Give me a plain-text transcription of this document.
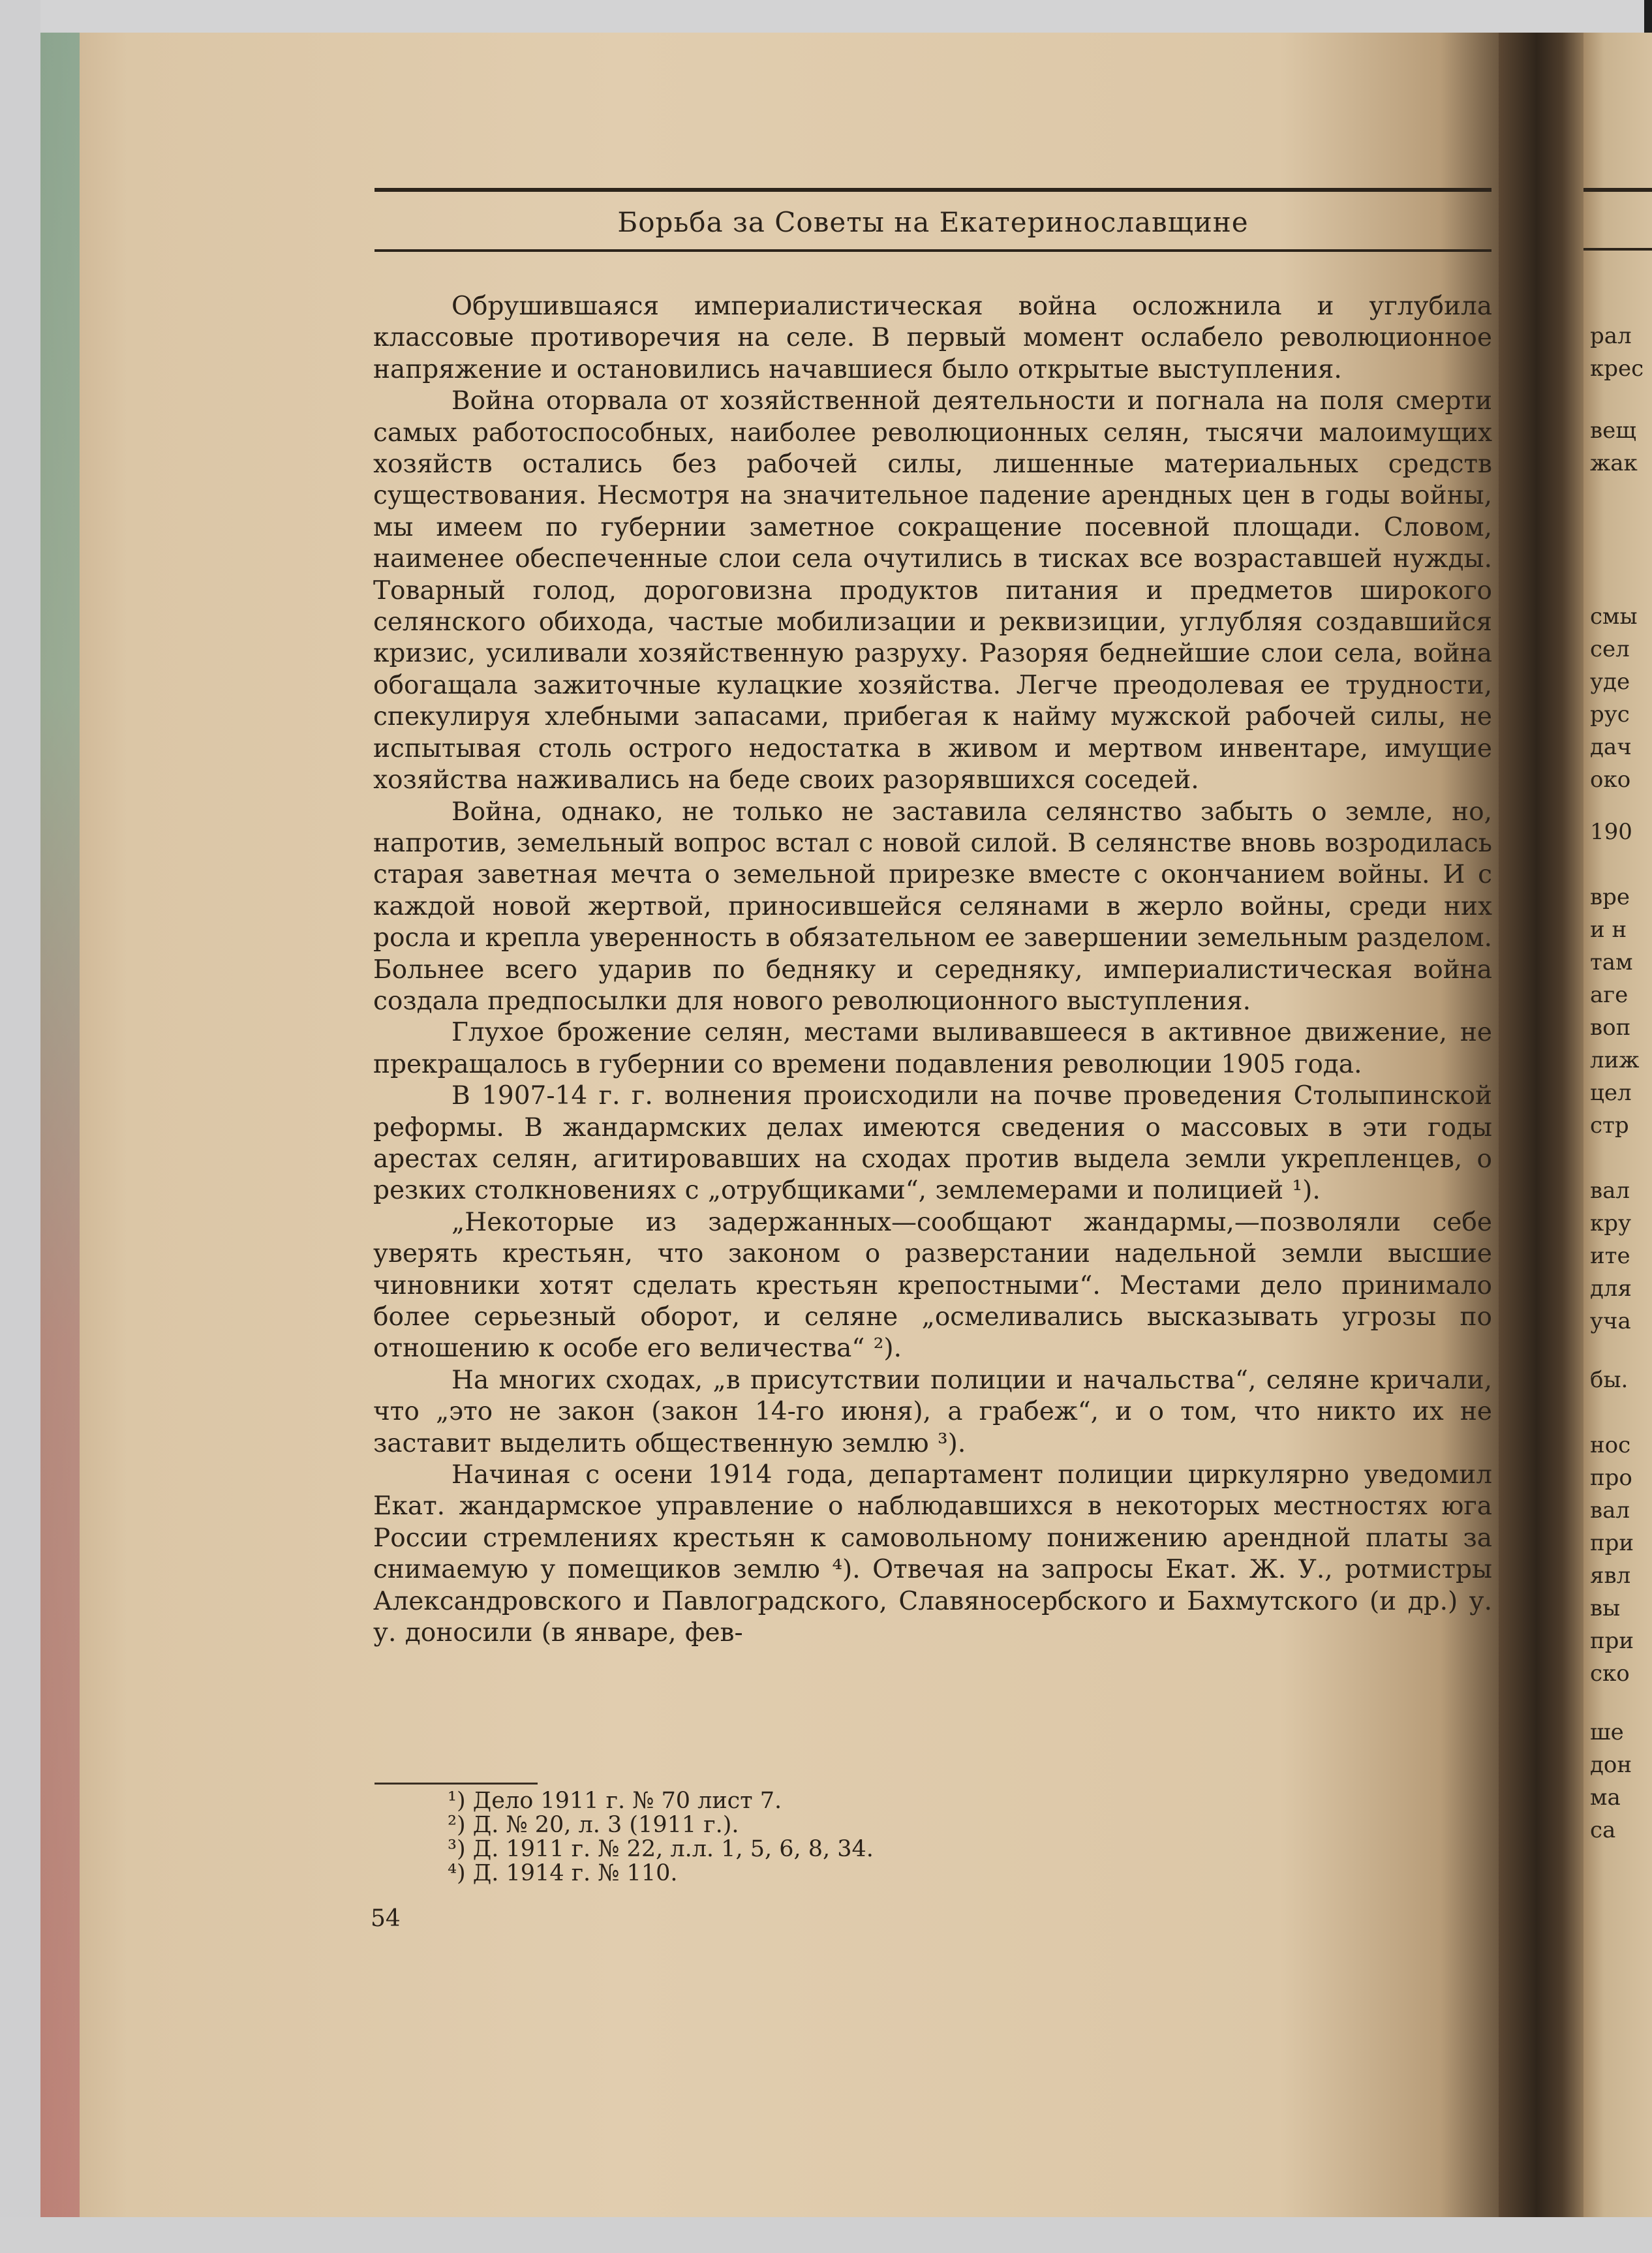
рал
крес
вещ
жак
смы
сел
уде
рус
дач
око
190
вре
и н
там
аге
воп
лиж
цел
стр
вал
кру
ите
для
уча
бы.
нос
про
вал
при
явл
вы
при
ско
ше
дон
ма
са
Борьба за Советы на Екатеринославщине

Обрушившаяся империалистическая война осложнила и углубила классовые противоречия на селе. В первый момент ослабело революционное напряжение и остановились начавшиеся было открытые выступления.

Война оторвала от хозяйственной деятельности и погнала на поля смерти самых работоспособных, наиболее революционных селян, тысячи малоимущих хозяйств остались без рабочей силы, лишенные материальных средств существования. Несмотря на значительное падение арендных цен в годы войны, мы имеем по губернии заметное сокращение посевной площади. Словом, наименее обеспеченные слои села очутились в тисках все возраставшей нужды. Товарный голод, дороговизна продуктов питания и предметов широкого селянского обихода, частые мобилизации и реквизиции, углубляя создавшийся кризис, усиливали хозяйственную разруху. Разоряя беднейшие слои села, война обогащала зажиточные кулацкие хозяйства. Легче преодолевая ее трудности, спекулируя хлебными запасами, прибегая к найму мужской рабочей силы, не испытывая столь острого недостатка в живом и мертвом инвентаре, имущие хозяйства наживались на беде своих разорявшихся соседей.

Война, однако, не только не заставила селянство забыть о земле, но, напротив, земельный вопрос встал с новой силой. В селянстве вновь возродилась старая заветная мечта о земельной прирезке вместе с окончанием войны. И с каждой новой жертвой, приносившейся селянами в жерло войны, среди них росла и крепла уверенность в обязательном ее завершении земельным разделом. Больнее всего ударив по бедняку и середняку, империалистическая война создала предпосылки для нового революционного выступления.

Глухое брожение селян, местами выливавшееся в активное движение, не прекращалось в губернии со времени подавления революции 1905 года.

В 1907-14 г. г. волнения происходили на почве проведения Столыпинской реформы. В жандармских делах имеются сведения о массовых в эти годы арестах селян, агитировавших на сходах против выдела земли укрепленцев, о резких столкновениях с „отрубщиками“, землемерами и полицией ¹).

„Некоторые из задержанных—сообщают жандармы,—позволяли себе уверять крестьян, что законом о разверстании надельной земли высшие чиновники хотят сделать крестьян крепостными“. Местами дело принимало более серьезный оборот, и селяне „осмеливались высказывать угрозы по отношению к особе его величества“ ²).

На многих сходах, „в присутствии полиции и начальства“, селяне кричали, что „это не закон (закон 14-го июня), а грабеж“, и о том, что никто их не заставит выделить общественную землю ³).

Начиная с осени 1914 года, департамент полиции циркулярно уведомил Екат. жандармское управление о наблюдавшихся в некоторых местностях юга России стремлениях крестьян к самовольному понижению арендной платы за снимаемую у помещиков землю ⁴). Отвечая на запросы Екат. Ж. У., ротмистры Александровского и Павлоградского, Славяносербского и Бахмутского (и др.) у. у. доносили (в январе, фев-

¹) Дело 1911 г. № 70 лист 7.
²) Д. № 20, л. 3 (1911 г.).
³) Д. 1911 г. № 22, л.л. 1, 5, 6, 8, 34.
⁴) Д. 1914 г. № 110.
54
